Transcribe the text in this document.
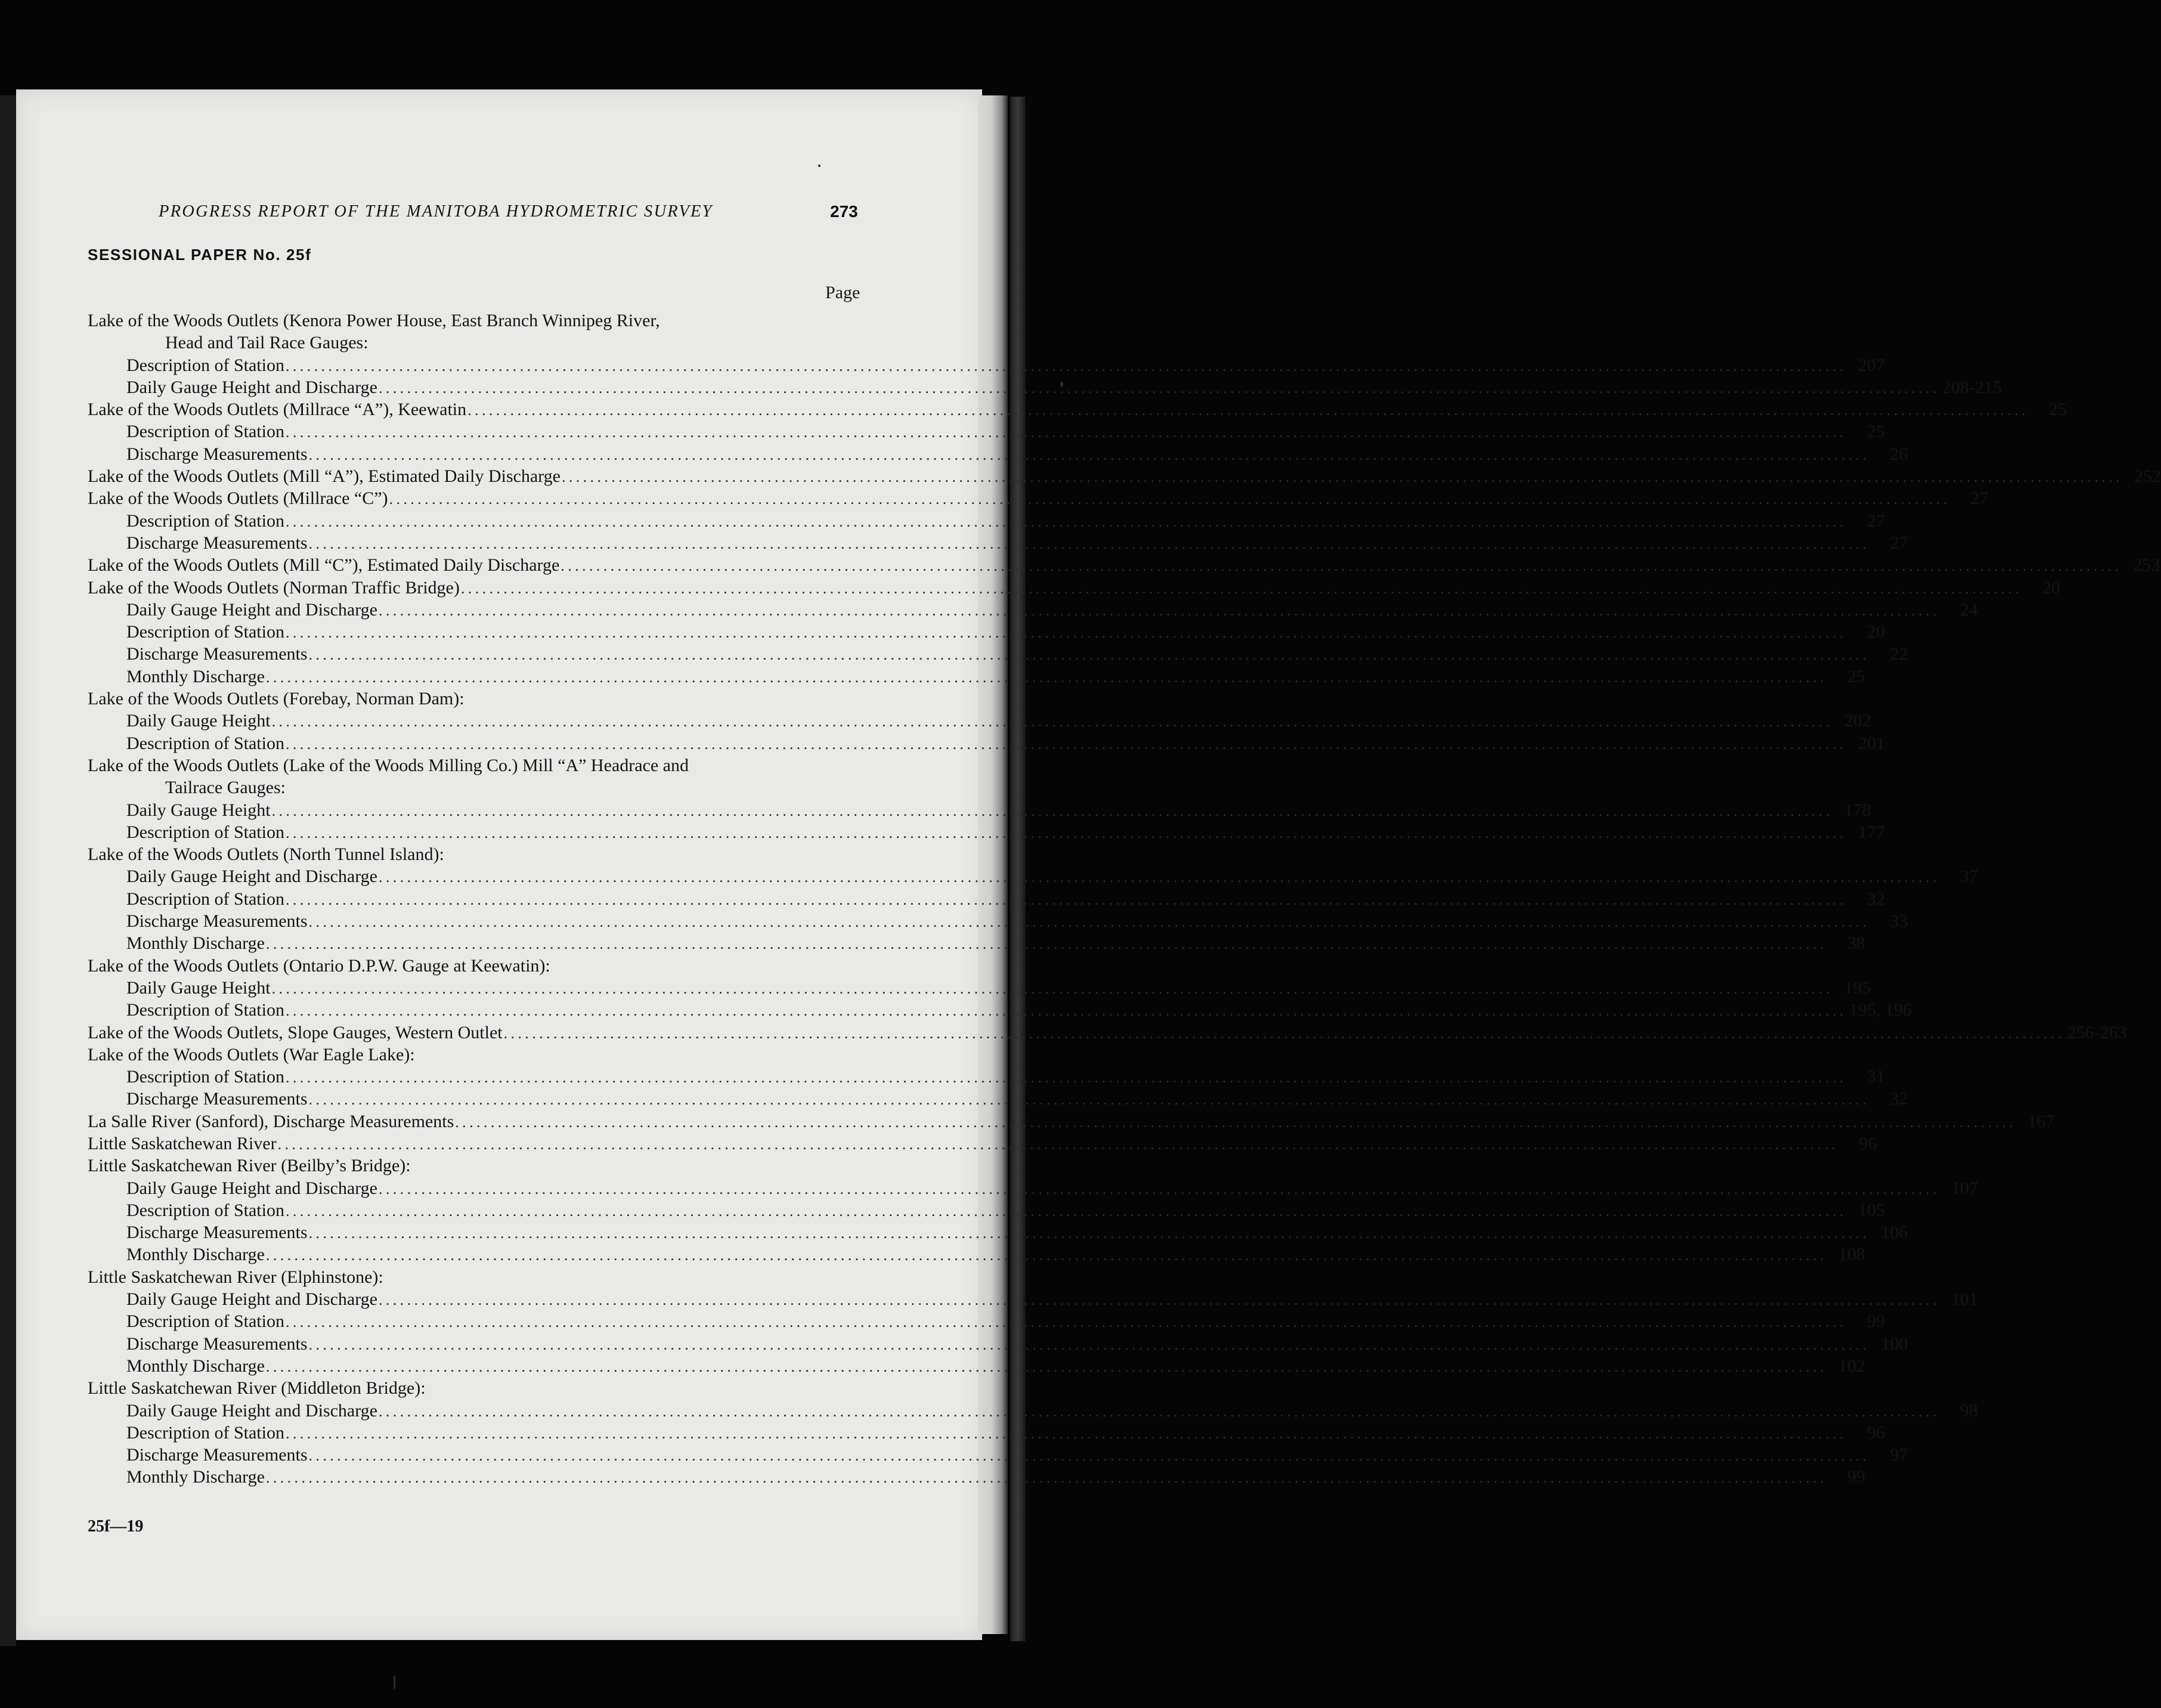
PROGRESS REPORT OF THE MANITOBA HYDROMETRIC SURVEY	273
SESSIONAL PAPER No. 25f
Page
Lake of the Woods Outlets (Kenora Power House, East Branch Winnipeg River,
Head and Tail Race Gauges:
Description of Station ............................................................................................................................................................................................................................ 207
Daily Gauge Height and Discharge ............................................................................................................................................................................................................................ 208-215
Lake of the Woods Outlets (Millrace “A”), Keewatin ............................................................................................................................................................................................................................	25
Description of Station ............................................................................................................................................................................................................................	25
Discharge Measurements ............................................................................................................................................................................................................................	26
Lake of the Woods Outlets (Mill “A”), Estimated Daily Discharge ............................................................................................................................................................................................................................ 252
Lake of the Woods Outlets (Millrace “C”) ............................................................................................................................................................................................................................	27
Description of Station ............................................................................................................................................................................................................................	27
Discharge Measurements ............................................................................................................................................................................................................................	27
Lake of the Woods Outlets (Mill “C”), Estimated Daily Discharge ............................................................................................................................................................................................................................ 253
Lake of the Woods Outlets (Norman Traffic Bridge) ............................................................................................................................................................................................................................	20
Daily Gauge Height and Discharge ............................................................................................................................................................................................................................	24
Description of Station ............................................................................................................................................................................................................................	20
Discharge Measurements ............................................................................................................................................................................................................................	22
Monthly Discharge ............................................................................................................................................................................................................................	25
Lake of the Woods Outlets (Forebay, Norman Dam):
Daily Gauge Height ............................................................................................................................................................................................................................ 202
Description of Station ............................................................................................................................................................................................................................ 201
Lake of the Woods Outlets (Lake of the Woods Milling Co.) Mill “A” Headrace and
Tailrace Gauges:
Daily Gauge Height ............................................................................................................................................................................................................................ 178
Description of Station ............................................................................................................................................................................................................................ 177
Lake of the Woods Outlets (North Tunnel Island):
Daily Gauge Height and Discharge ............................................................................................................................................................................................................................	37
Description of Station ............................................................................................................................................................................................................................	32
Discharge Measurements ............................................................................................................................................................................................................................	33
Monthly Discharge ............................................................................................................................................................................................................................	38
Lake of the Woods Outlets (Ontario D.P.W. Gauge at Keewatin):
Daily Gauge Height ............................................................................................................................................................................................................................ 195
Description of Station ............................................................................................................................................................................................................................ 195, 196
Lake of the Woods Outlets, Slope Gauges, Western Outlet ............................................................................................................................................................................................................................ 256-263
Lake of the Woods Outlets (War Eagle Lake):
Description of Station ............................................................................................................................................................................................................................	31
Discharge Measurements ............................................................................................................................................................................................................................	32
La Salle River (Sanford), Discharge Measurements ............................................................................................................................................................................................................................ 167
Little Saskatchewan River ............................................................................................................................................................................................................................	96
Little Saskatchewan River (Beilby’s Bridge):
Daily Gauge Height and Discharge ............................................................................................................................................................................................................................ 107
Description of Station ............................................................................................................................................................................................................................ 105
Discharge Measurements ............................................................................................................................................................................................................................ 106
Monthly Discharge ............................................................................................................................................................................................................................ 108
Little Saskatchewan River (Elphinstone):
Daily Gauge Height and Discharge ............................................................................................................................................................................................................................ 101
Description of Station ............................................................................................................................................................................................................................	99
Discharge Measurements ............................................................................................................................................................................................................................ 100
Monthly Discharge ............................................................................................................................................................................................................................ 102
Little Saskatchewan River (Middleton Bridge):
Daily Gauge Height and Discharge ............................................................................................................................................................................................................................	98
Description of Station ............................................................................................................................................................................................................................	96
Discharge Measurements ............................................................................................................................................................................................................................	97
Monthly Discharge ............................................................................................................................................................................................................................	99
25f—19
